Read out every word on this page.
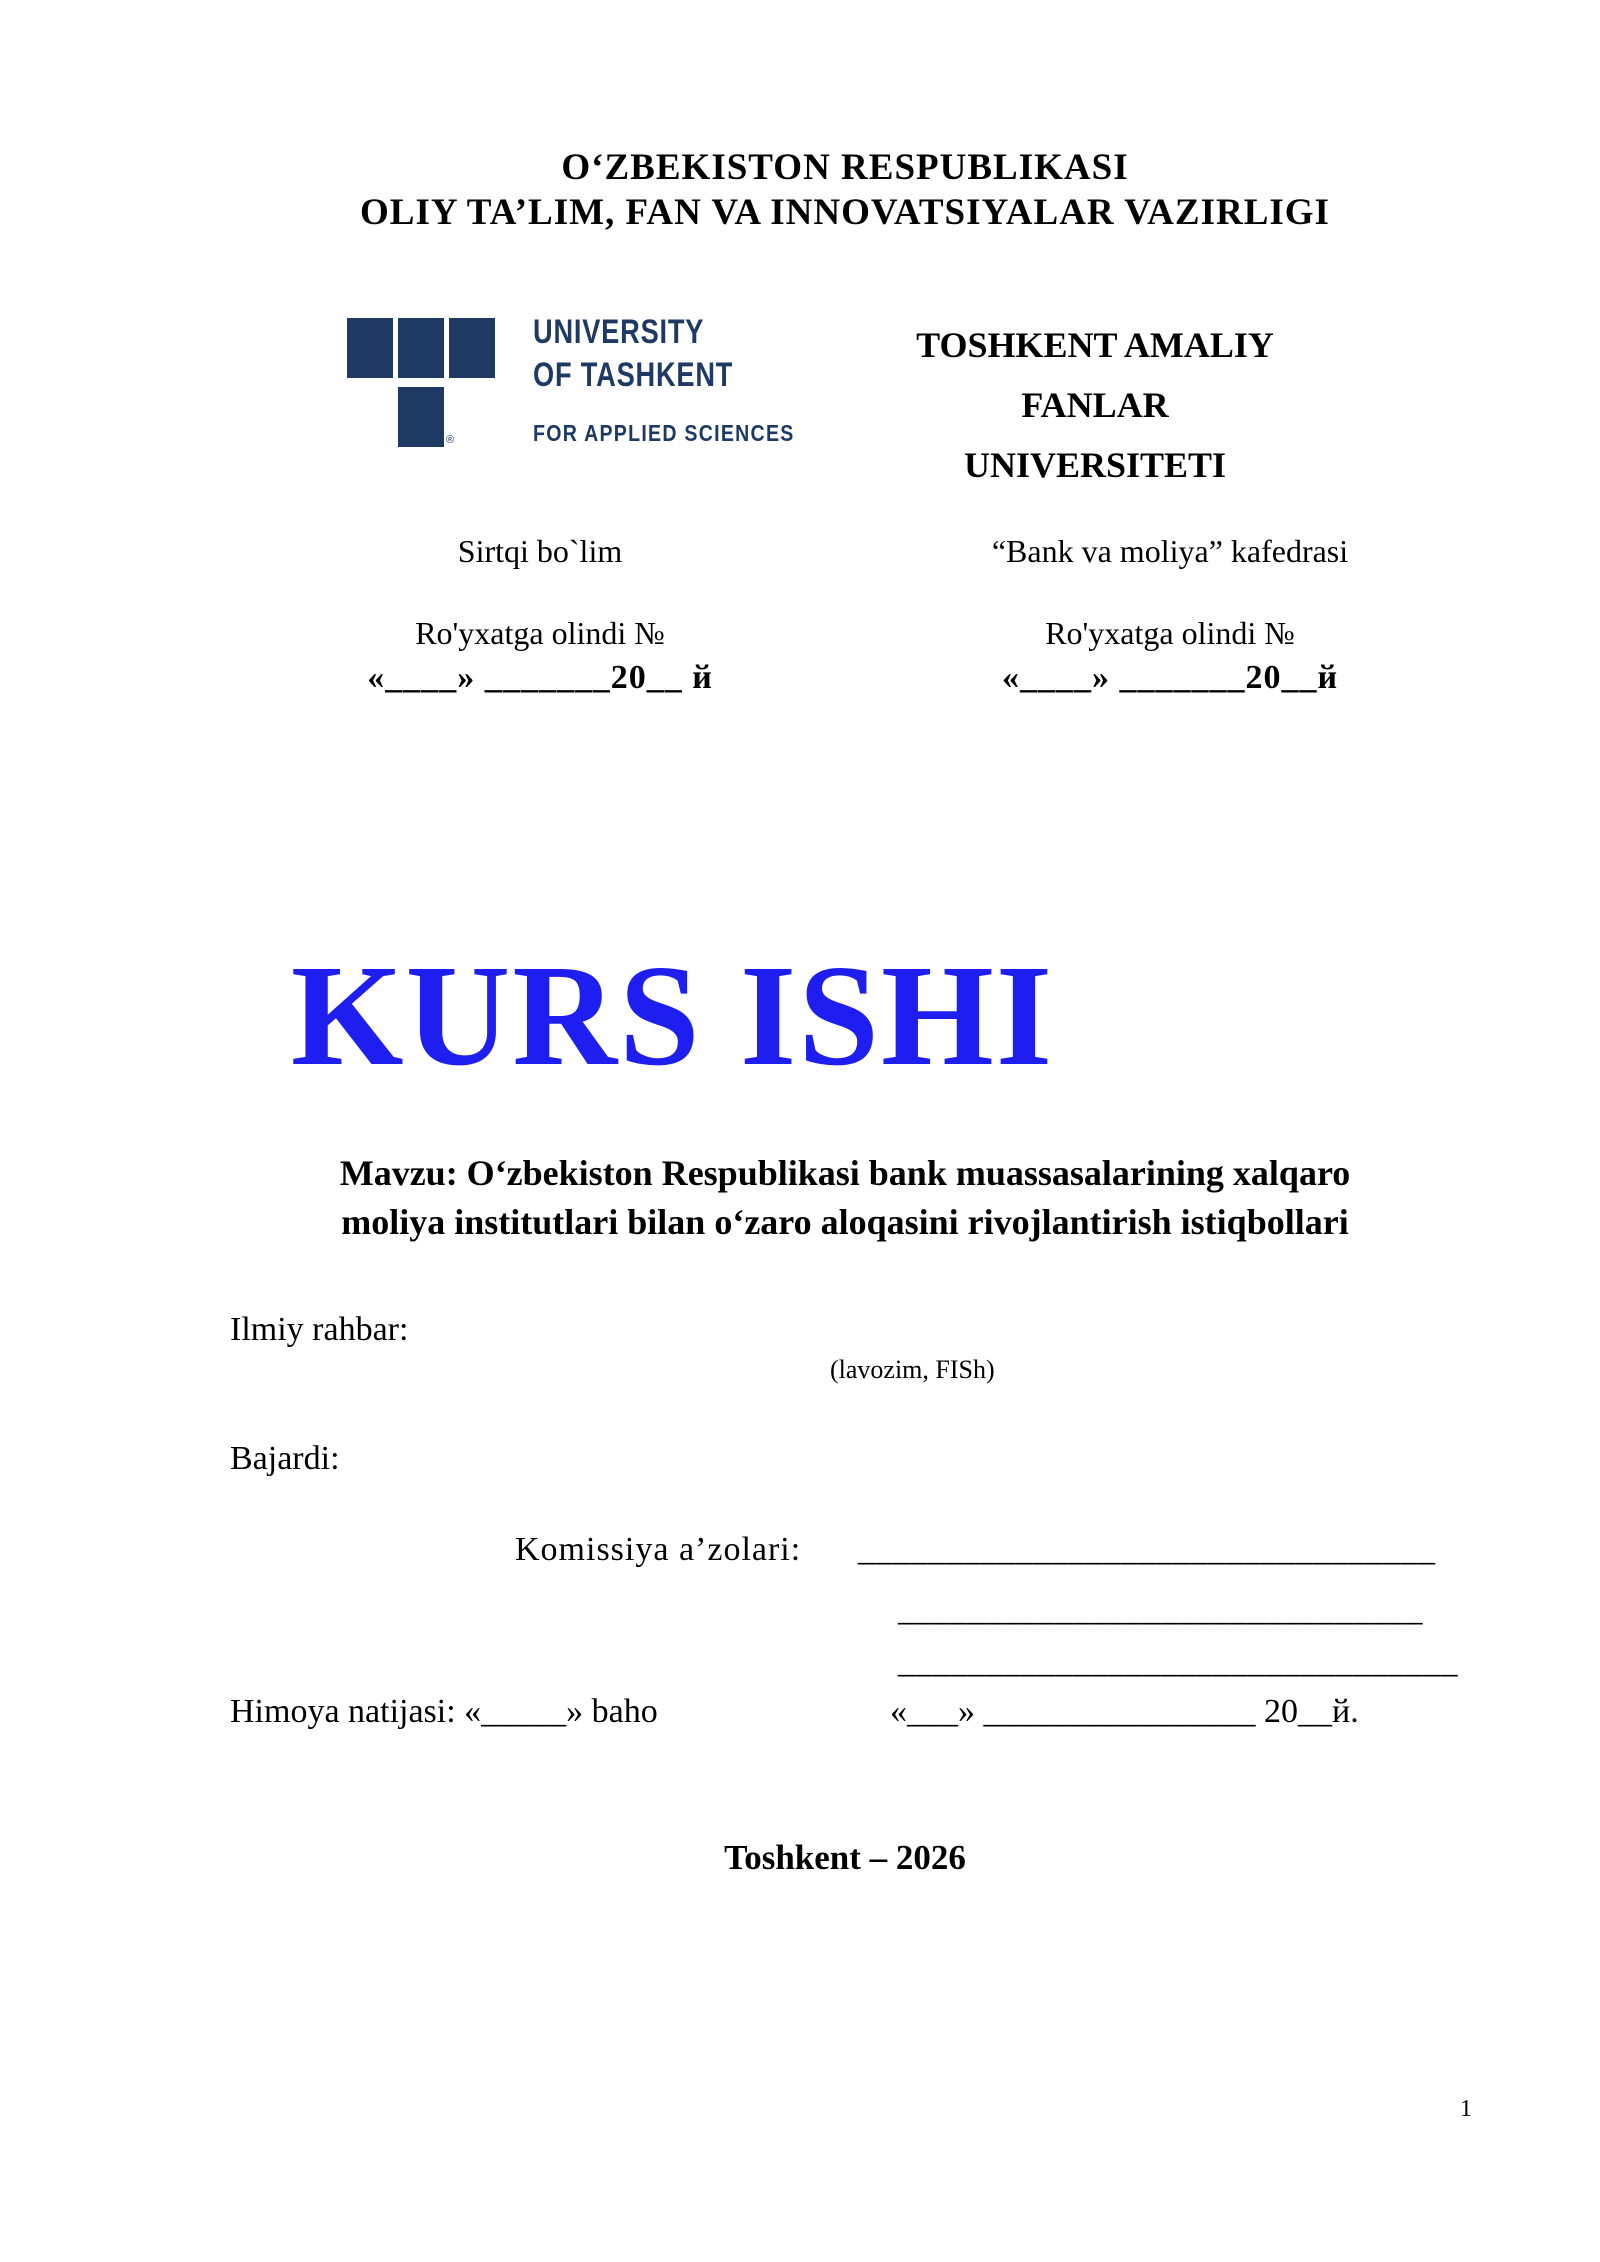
O‘ZBEKISTON RESPUBLIKASI
OLIY TA’LIM, FAN VA INNOVATSIYALAR VAZIRLIGI
®
UNIVERSITY
OF TASHKENT
FOR APPLIED SCIENCES
TOSHKENT AMALIY
FANLAR UNIVERSITETI
Sirtqi bo`lim	“Bank va moliya” kafedrasi
Ro'yxatga olindi №	Ro'yxatga olindi №
«____» _______20__ й	«____» _______20__й
KURS ISHI
Mavzu: O‘zbekiston Respublikasi bank muassasalarining xalqaro
moliya institutlari bilan o‘zaro aloqasini rivojlantirish istiqbollari
Ilmiy rahbar:
(lavozim, FISh)
Bajardi:
Komissiya a’zolari: _________________________________
______________________________
________________________________
Himoya natijasi: «_____» baho	«___» ________________ 20__й.
Toshkent – 2026
1
